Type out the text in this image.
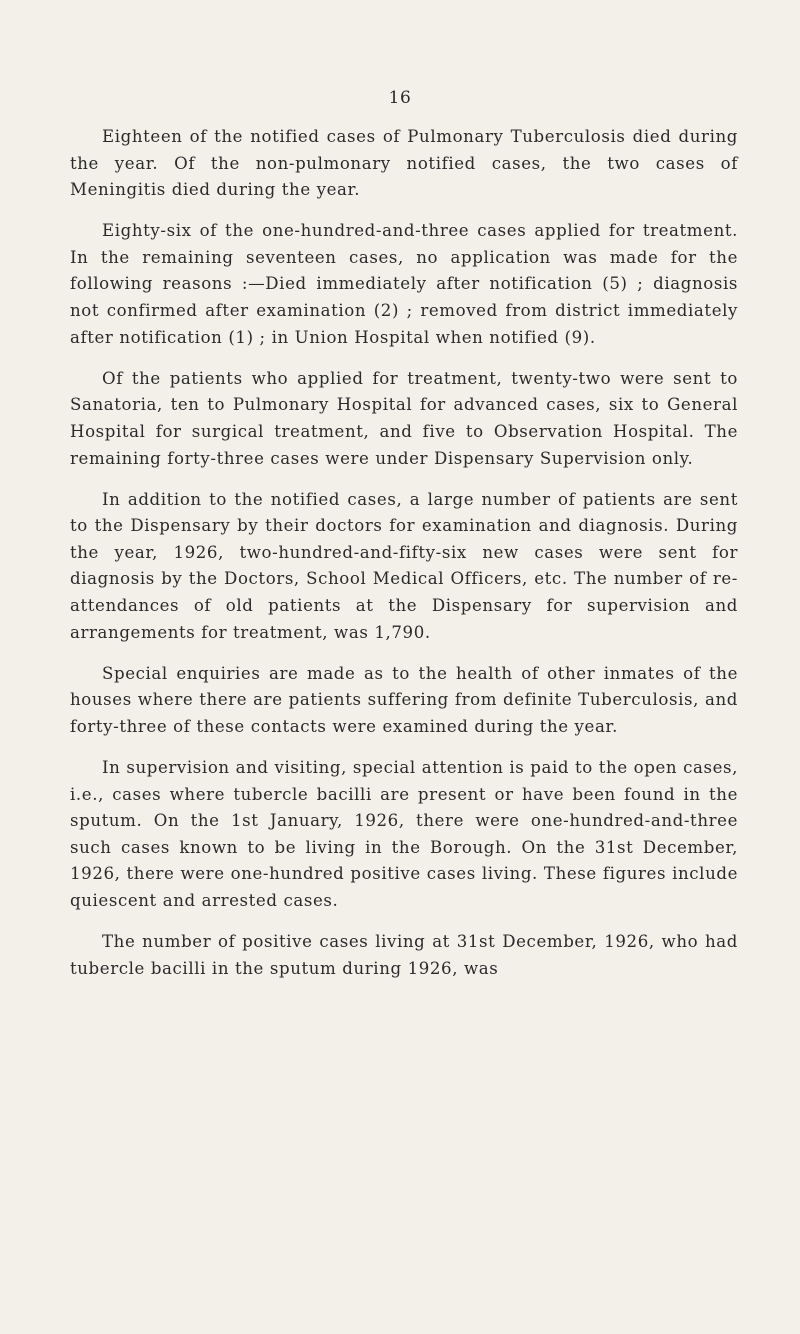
16

Eighteen of the notified cases of Pulmonary Tuberculosis died during the year. Of the non-pulmonary notified cases, the two cases of Meningitis died during the year.

Eighty-six of the one-hundred-and-three cases applied for treatment. In the remaining seventeen cases, no application was made for the following reasons :—Died immediately after notification (5) ; diagnosis not confirmed after examination (2) ; removed from district immediately after notification (1) ; in Union Hospital when notified (9).

Of the patients who applied for treatment, twenty-two were sent to Sanatoria, ten to Pulmonary Hospital for advanced cases, six to General Hospital for surgical treatment, and five to Observation Hospital. The remaining forty-three cases were under Dispensary Supervision only.

In addition to the notified cases, a large number of patients are sent to the Dispensary by their doctors for examination and diagnosis. During the year, 1926, two-hundred-and-fifty-six new cases were sent for diagnosis by the Doctors, School Medical Officers, etc. The number of re-attendances of old patients at the Dispensary for supervision and arrangements for treatment, was 1,790.

Special enquiries are made as to the health of other inmates of the houses where there are patients suffering from definite Tuberculosis, and forty-three of these contacts were examined during the year.

In supervision and visiting, special attention is paid to the open cases, i.e., cases where tubercle bacilli are present or have been found in the sputum. On the 1st January, 1926, there were one-hundred-and-three such cases known to be living in the Borough. On the 31st December, 1926, there were one-hundred positive cases living. These figures include quiescent and arrested cases.

The number of positive cases living at 31st December, 1926, who had tubercle bacilli in the sputum during 1926, was
